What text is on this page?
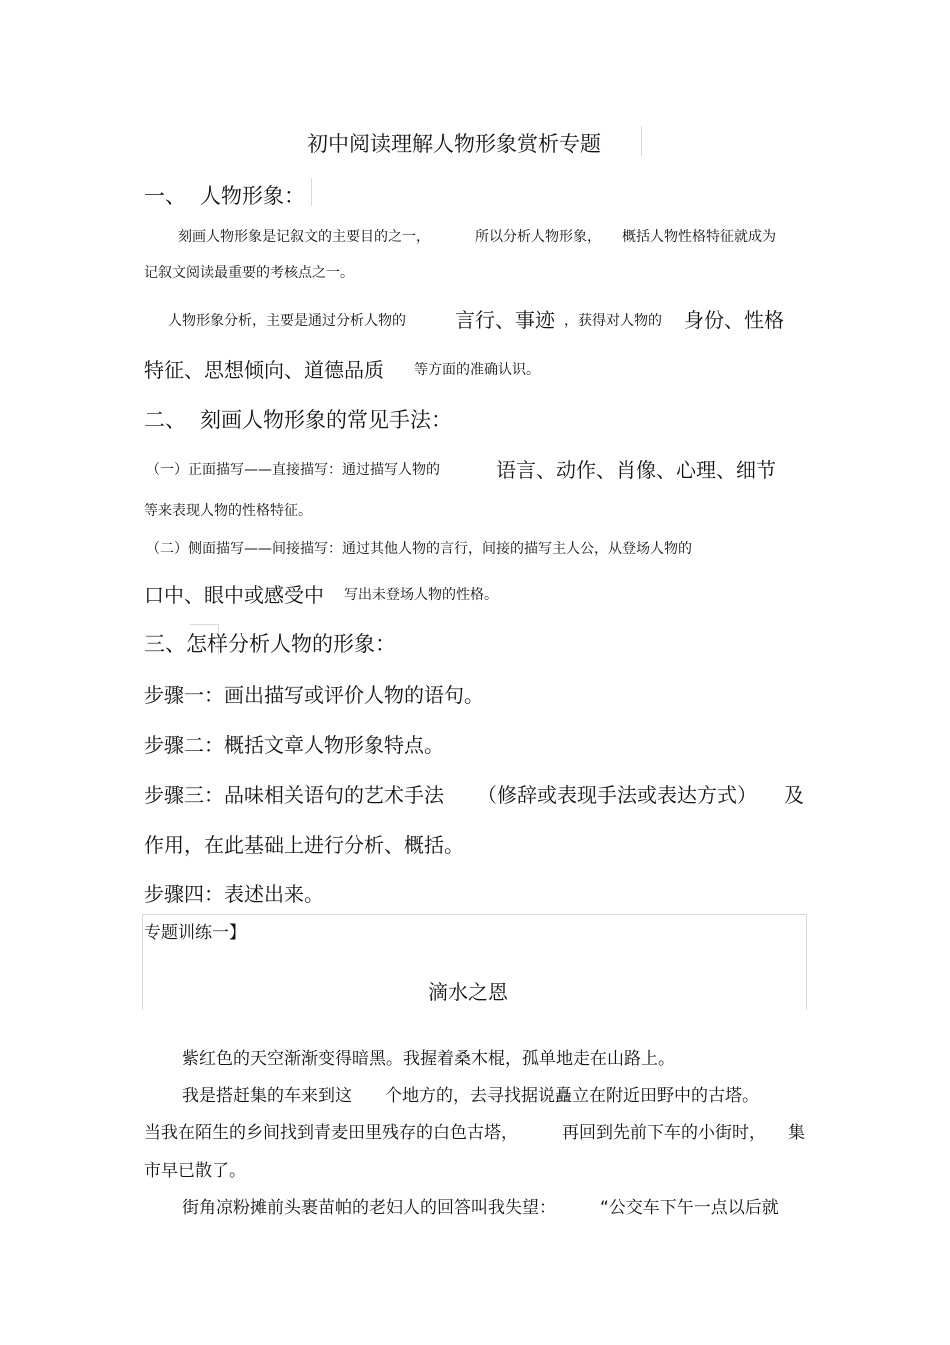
初中阅读理解人物形象赏析专题
一、 人物形象：
刻画人物形象是记叙文的主要目的之一，	所以分析人物形象， 概括人物性格特征就成为
记叙文阅读最重要的考核点之一。
人物形象分析，主要是通过分析人物的 言行、事迹 ，获得对人物的 身份、性格
特征、思想倾向、道德品质 等方面的准确认识。
二、 刻画人物形象的常见手法：
（一）正面描写——直接描写：通过描写人物的	语言、动作、肖像、心理、细节
等来表现人物的性格特征。
（二）侧面描写——间接描写：通过其他人物的言行，间接的描写主人公，从登场人物的
口中、眼中或感受中 写出未登场人物的性格。
三、怎样分析人物的形象：
步骤一：画出描写或评价人物的语句。
步骤二：概括文章人物形象特点。
步骤三：品味相关语句的艺术手法 （修辞或表现手法或表达方式） 及
作用，在此基础上进行分析、概括。
步骤四：表述出来。
专题训练一】
滴水之恩
紫红色的天空渐渐变得暗黑。我握着桑木棍，孤单地走在山路上。
我是搭赶集的车来到这 个地方的，去寻找据说矗立在附近田野中的古塔。
当我在陌生的乡间找到青麦田里残存的白色古塔，	再回到先前下车的小街时， 集
市早已散了。
街角凉粉摊前头裹苗帕的老妇人的回答叫我失望：	“公交车下午一点以后就
